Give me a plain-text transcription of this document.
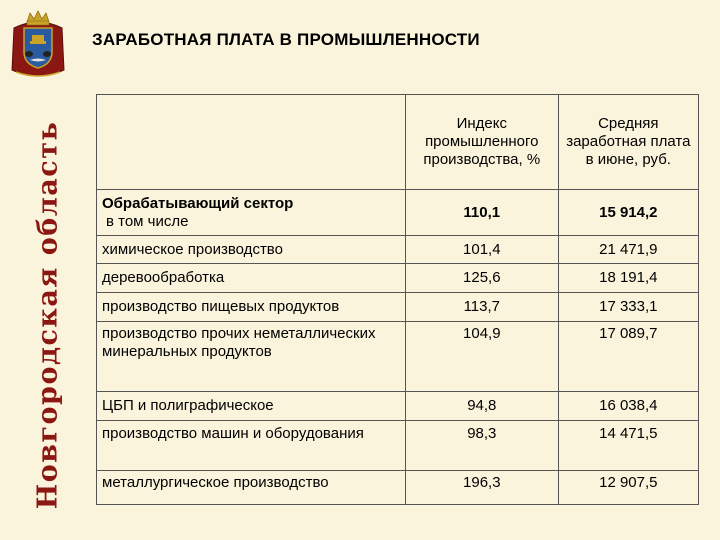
Новгородская область
ЗАРАБОТНАЯ ПЛАТА В ПРОМЫШЛЕННОСТИ
	Индекс промышленного производства, %	Средняя заработная плата в июне, руб.
Обрабатывающий сектор
в том числе	110,1	15 914,2
химическое производство	101,4	21 471,9
деревообработка	125,6	18 191,4
производство пищевых продуктов	113,7	17 333,1
производство прочих неметаллических минеральных продуктов	104,9	17 089,7
ЦБП и полиграфическое	94,8	16 038,4
производство машин и оборудования	98,3	14 471,5
металлургическое производство	196,3	12 907,5
